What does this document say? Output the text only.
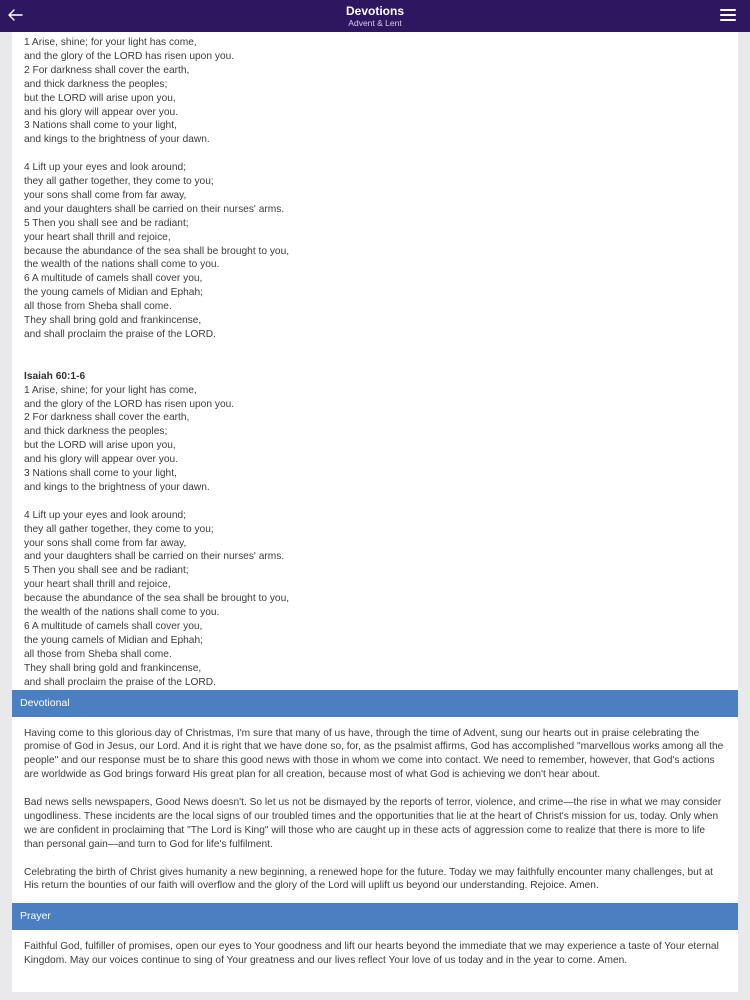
Devotions
Advent & Lent
1 Arise, shine; for your light has come,
and the glory of the LORD has risen upon you.
2 For darkness shall cover the earth,
and thick darkness the peoples;
but the LORD will arise upon you,
and his glory will appear over you.
3 Nations shall come to your light,
and kings to the brightness of your dawn.
4 Lift up your eyes and look around;
they all gather together, they come to you;
your sons shall come from far away,
and your daughters shall be carried on their nurses' arms.
5 Then you shall see and be radiant;
your heart shall thrill and rejoice,
because the abundance of the sea shall be brought to you,
the wealth of the nations shall come to you.
6 A multitude of camels shall cover you,
the young camels of Midian and Ephah;
all those from Sheba shall come.
They shall bring gold and frankincense,
and shall proclaim the praise of the LORD.
Isaiah 60:1-6
1 Arise, shine; for your light has come,
and the glory of the LORD has risen upon you.
2 For darkness shall cover the earth,
and thick darkness the peoples;
but the LORD will arise upon you,
and his glory will appear over you.
3 Nations shall come to your light,
and kings to the brightness of your dawn.
4 Lift up your eyes and look around;
they all gather together, they come to you;
your sons shall come from far away,
and your daughters shall be carried on their nurses' arms.
5 Then you shall see and be radiant;
your heart shall thrill and rejoice,
because the abundance of the sea shall be brought to you,
the wealth of the nations shall come to you.
6 A multitude of camels shall cover you,
the young camels of Midian and Ephah;
all those from Sheba shall come.
They shall bring gold and frankincense,
and shall proclaim the praise of the LORD.
Devotional

Having come to this glorious day of Christmas, I'm sure that many of us have, through the time of Advent, sung our hearts out in praise celebrating the promise of God in Jesus, our Lord. And it is right that we have done so, for, as the psalmist affirms, God has accomplished "marvellous works among all the people" and our response must be to share this good news with those in whom we come into contact. We need to remember, however, that God's actions are worldwide as God brings forward His great plan for all creation, because most of what God is achieving we don't hear about.

Bad news sells newspapers, Good News doesn't. So let us not be dismayed by the reports of terror, violence, and crime—the rise in what we may consider ungodliness. These incidents are the local signs of our troubled times and the opportunities that lie at the heart of Christ's mission for us, today. Only when we are confident in proclaiming that "The Lord is King" will those who are caught up in these acts of aggression come to realize that there is more to life than personal gain—and turn to God for life's fulfilment.

Celebrating the birth of Christ gives humanity a new beginning, a renewed hope for the future. Today we may faithfully encounter many challenges, but at His return the bounties of our faith will overflow and the glory of the Lord will uplift us beyond our understanding. Rejoice. Amen.

Prayer

Faithful God, fulfiller of promises, open our eyes to Your goodness and lift our hearts beyond the immediate that we may experience a taste of Your eternal Kingdom. May our voices continue to sing of Your greatness and our lives reflect Your love of us today and in the year to come. Amen.
